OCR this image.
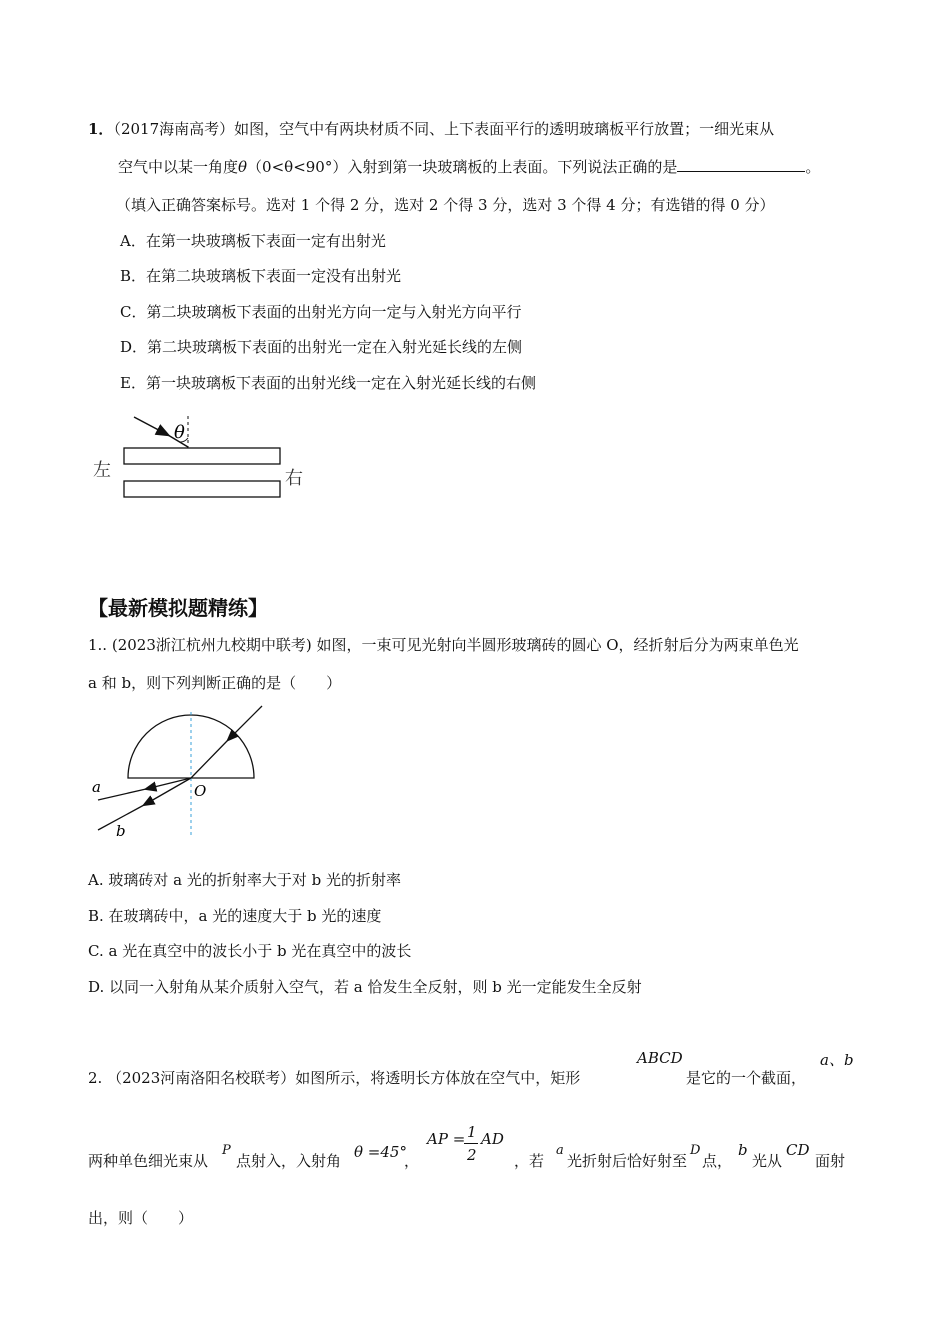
1．（2017海南高考）如图，空气中有两块材质不同、上下表面平行的透明玻璃板平行放置；一细光束从
空气中以某一角度θ（0<θ<90°）入射到第一块玻璃板的上表面。下列说法正确的是	。
（填入正确答案标号。选对 1 个得 2 分，选对 2 个得 3 分，选对 3 个得 4 分；有选错的得 0 分）
A．在第一块玻璃板下表面一定有出射光
B．在第二块玻璃板下表面一定没有出射光
C．第二块玻璃板下表面的出射光方向一定与入射光方向平行
D．第二块玻璃板下表面的出射光一定在入射光延长线的左侧
E．第一块玻璃板下表面的出射光线一定在入射光延长线的右侧
θ
左	右
【最新模拟题精练】
1.. (2023浙江杭州九校期中联考) 如图，一束可见光射向半圆形玻璃砖的圆心 O，经折射后分为两束单色光
a 和 b，则下列判断正确的是（　　）
a
b
O
A. 玻璃砖对 a 光的折射率大于对 b 光的折射率
B. 在玻璃砖中，a 光的速度大于 b 光的速度
C. a 光在真空中的波长小于 b 光在真空中的波长
D. 以同一入射角从某介质射入空气，若 a 恰发生全反射，则 b 光一定能发生全反射
2. （2023河南洛阳名校联考）如图所示，将透明长方体放在空气中，矩形
ABCD
是它的一个截面，
a、b
两种单色细光束从
P
点射入，入射角 θ =45°
，
AP = 1
2
AD
，若
a
光折射后恰好射至
D
点，
b
光从
CD
面射
出，则（　　）
